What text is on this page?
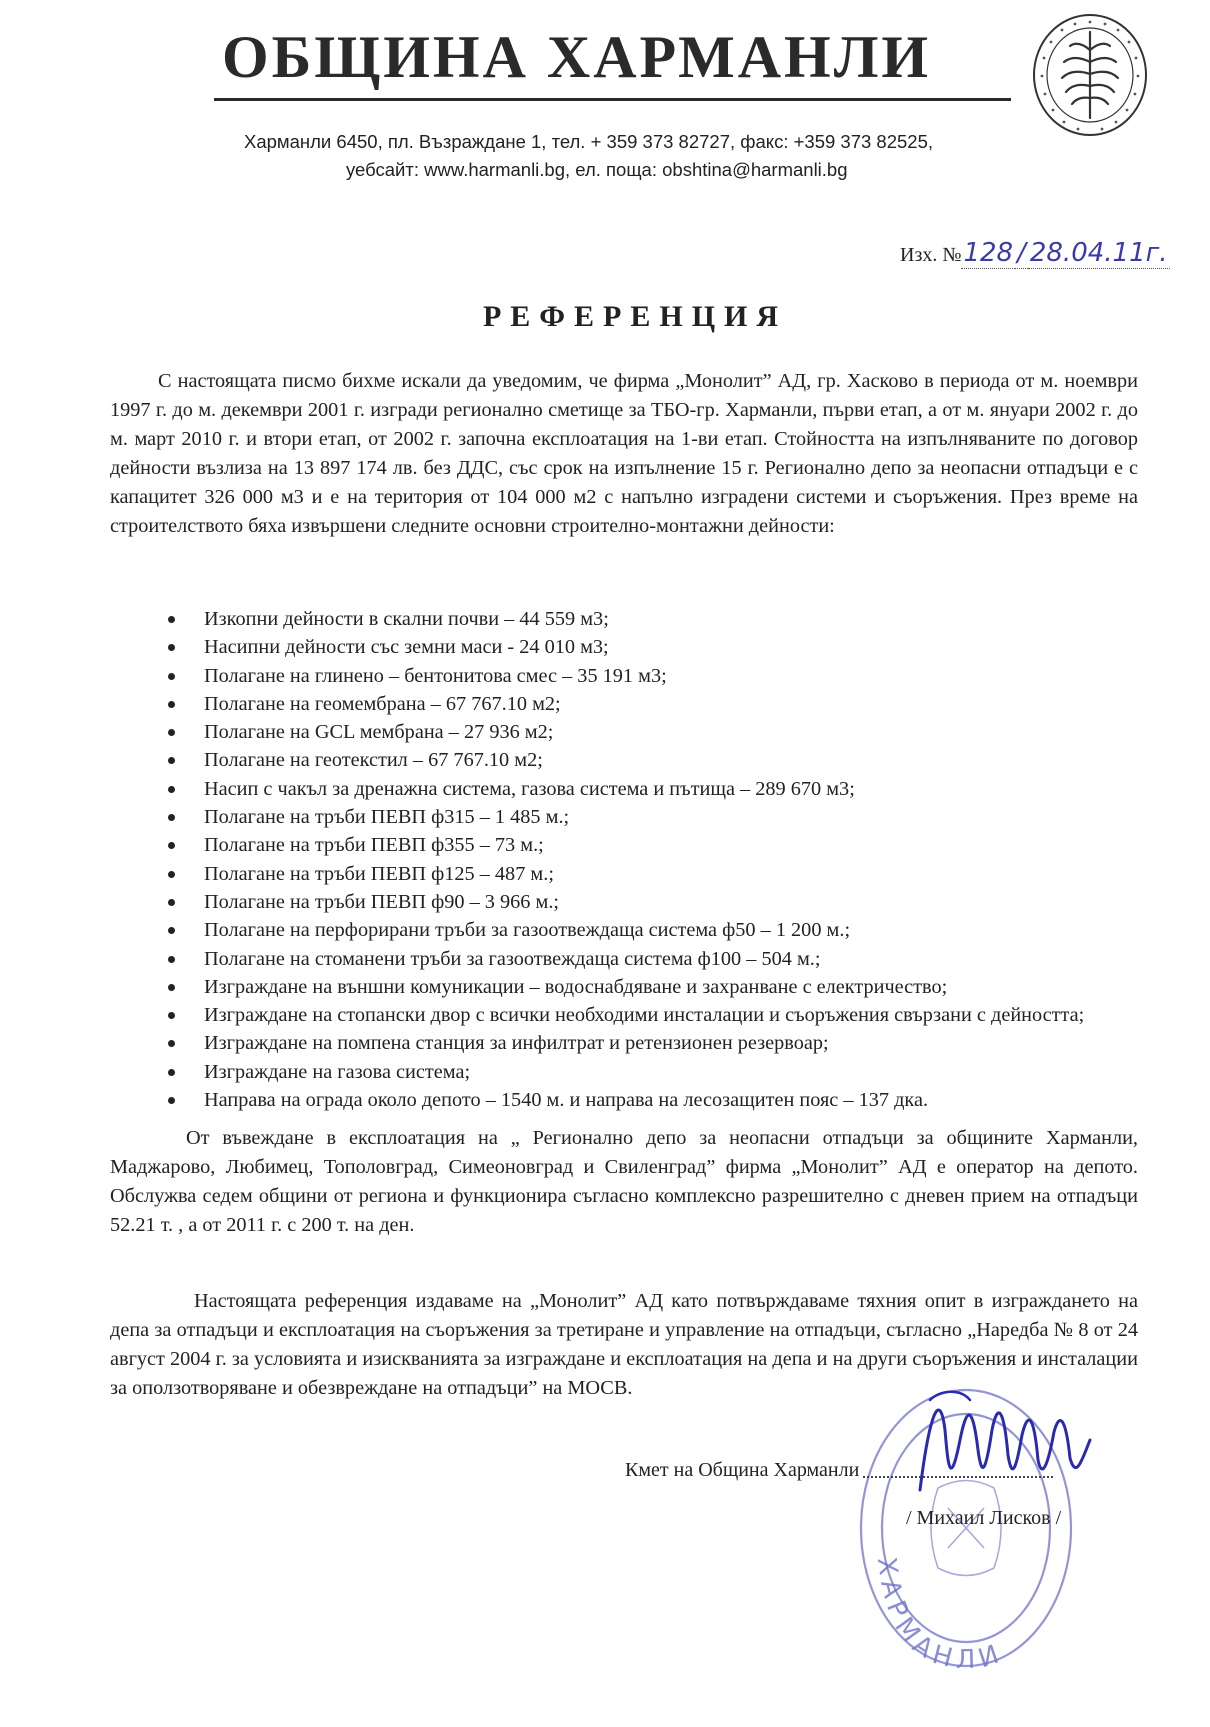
ОБЩИНА ХАРМАНЛИ
Харманли 6450, пл. Възраждане 1, тел. + 359 373 82727, факс: +359 373 82525,
уебсайт: www.harmanli.bg, ел. поща: obshtina@harmanli.bg
Изх. №128 / 28.04.11г.
РЕФЕРЕНЦИЯ
С настоящата писмо бихме искали да уведомим, че фирма „Монолит” АД, гр. Хасково в периода от м. ноември 1997 г. до м. декември 2001 г. изгради регионално сметище за ТБО-гр. Харманли, първи етап, а от м. януари 2002 г. до м. март 2010 г. и втори етап, от 2002 г. започна експлоатация на 1-ви етап. Стойността на изпълняваните по договор дейности възлиза на 13 897 174 лв. без ДДС, със срок на изпълнение 15 г. Регионално депо за неопасни отпадъци е с капацитет 326 000 м3 и е на територия от 104 000 м2 с напълно изградени системи и съоръжения. През време на строителството бяха извършени следните основни строително-монтажни дейности:
Изкопни дейности в скални почви – 44 559 м3;
Насипни дейности със земни маси - 24 010 м3;
Полагане на глинено – бентонитова смес – 35 191 м3;
Полагане на геомембрана – 67 767.10 м2;
Полагане на GCL мембрана – 27 936 м2;
Полагане на геотекстил – 67 767.10 м2;
Насип с чакъл за дренажна система, газова система и пътища – 289 670 м3;
Полагане на тръби ПЕВП ф315 – 1 485 м.;
Полагане на тръби ПЕВП ф355 – 73 м.;
Полагане на тръби ПЕВП ф125 – 487 м.;
Полагане на тръби ПЕВП ф90 – 3 966 м.;
Полагане на перфорирани тръби за газоотвеждаща система ф50 – 1 200 м.;
Полагане на стоманени тръби за газоотвеждаща система ф100 – 504 м.;
Изграждане на външни комуникации – водоснабдяване и захранване с електричество;
Изграждане на стопански двор с всички необходими инсталации и съоръжения свързани с дейността;
Изграждане на помпена станция за инфилтрат и ретензионен резервоар;
Изграждане на газова система;
Направа на ограда около депото – 1540 м. и направа на лесозащитен пояс – 137 дка.
От въвеждане в експлоатация на „ Регионално депо за неопасни отпадъци за общините Харманли, Маджарово, Любимец, Тополовград, Симеоновград и Свиленград” фирма „Монолит” АД е оператор на депото. Обслужва седем общини от региона и функционира съгласно комплексно разрешително с дневен прием на отпадъци 52.21 т. , а от 2011 г. с 200 т. на ден.
Настоящата референция издаваме на „Монолит” АД като потвърждаваме тяхния опит в изграждането на депа за отпадъци и експлоатация на съоръжения за третиране и управление на отпадъци, съгласно „Наредба № 8 от 24 август 2004 г. за условията и изискванията за изграждане и експлоатация на депа и на други съоръжения и инсталации за оползотворяване и обезвреждане на отпадъци” на МОСВ.
ХАРМАНЛИ
Кмет на Община Харманли
/ Михаил Лисков /
